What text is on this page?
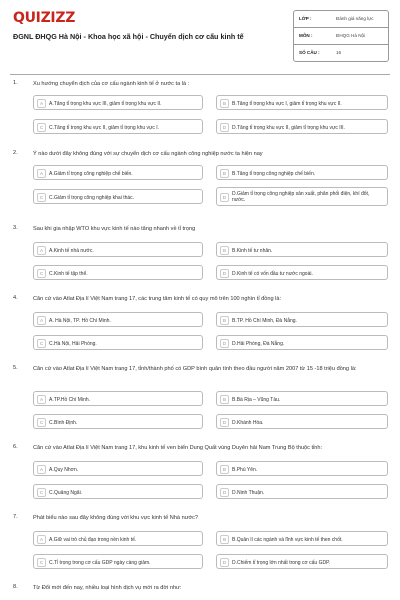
QUIZIZZ
ĐGNL ĐHQG Hà Nội - Khoa học xã hội - Chuyển dịch cơ cấu kinh tế
LỚP :	Đánh giá năng lực
MÔN :	ĐHQG Hà Nội
SỐ CÂU :	16
1.	Xu hướng chuyển dịch của cơ cấu ngành kinh tế ở nước ta là :
A	A.Tăng tỉ trọng khu vực III, giảm tỉ trọng khu vực II.	B	B.Tăng tỉ trọng khu vực I, giảm tỉ trọng khu vực II.
C	C.Tăng tỉ trọng khu vực II, giảm tỉ trọng khu vực I.	D	D.Tăng tỉ trọng khu vực II, giảm tỉ trọng khu vực III.
2.	Ý nào dưới đây không đúng với sự chuyển dịch cơ cấu ngành công nghiệp nước ta hiện nay
A	A.Giảm tỉ trọng công nghiệp chế biến.	B	B.Tăng tỉ trọng công nghiệp chế biến.
C	C.Giảm tỉ trọng công nghiệp khai thác.	D
D.Giảm tỉ trọng công nghiệp sản xuất, phân phối điện, khí đốt, nước.
3.	Sau khi gia nhập WTO khu vực kinh tế nào tăng nhanh về tỉ trọng
A	A.Kinh tế nhà nước.	B	B.Kinh tế tư nhân.
C	C.Kinh tế tập thể.	D	D.Kinh tế có vốn đầu tư nước ngoài.
4.	Căn cứ vào Atlat Địa lí Việt Nam trang 17, các trung tâm kinh tế có quy mô trên 100 nghìn tỉ đồng là:
A	A. Hà Nội, TP. Hồ Chí Minh.	B	B.TP. Hồ Chí Minh, Đà Nẵng.
C	C.Hà Nội, Hải Phòng.	D	D.Hải Phòng, Đà Nẵng.
5.	Căn cứ vào Atlat Địa lí Việt Nam trang 17, tỉnh/thành phố có GDP bình quân tính theo đầu người năm 2007 từ 15 -18 triệu đồng là:
A	A.TP.Hồ Chí Minh.	B	B.Bà Rịa – Vũng Tàu.
C	C.Bình Định.	D	D.Khánh Hòa.
6.	Căn cứ vào Atlat Địa lí Việt Nam trang 17, khu kinh tế ven biển Dung Quất vùng Duyên hải Nam Trung Bộ thuộc tỉnh:
A	A.Quy Nhơn.	B	B.Phú Yên.
C	C.Quảng Ngãi.	D	D.Ninh Thuận.
7.	Phát biểu nào sau đây không đúng với khu vực kinh tế Nhà nước?
A	A.Giữ vai trò chủ đạo trong nền kinh tế.	B	B.Quản lí các ngành và lĩnh vực kinh tế then chốt.
C	C.Tỉ trọng trong cơ cấu GDP ngày càng giảm.	D	D.Chiếm tỉ trọng lớn nhất trong cơ cấu GDP.
8.	Từ Đổi mới đến nay, nhiều loại hình dịch vụ mới ra đời như:
